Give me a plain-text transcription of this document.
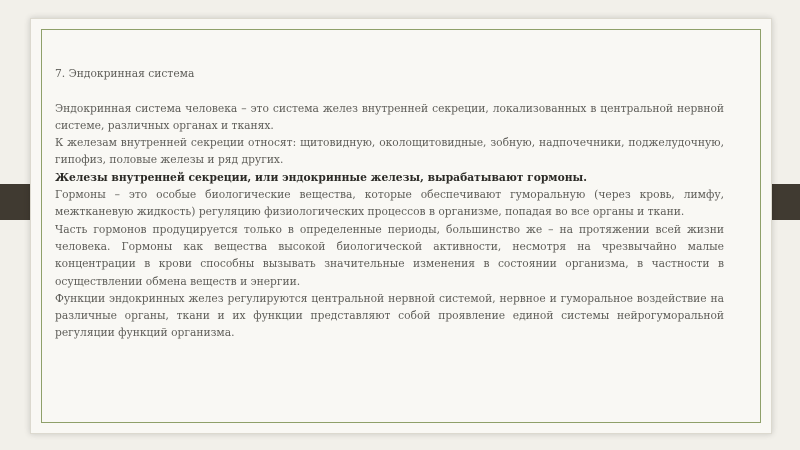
7. Эндокринная система

Эндокринная система человека – это система желез внутренней секреции, локализованных в центральной нервной системе, различных органах и тканях.

К железам внутренней секреции относят: щитовидную, околощитовидные, зобную, надпочечники, поджелудочную, гипофиз, половые железы и ряд других.

Железы внутренней секреции, или эндокринные железы, вырабатывают гормоны.

Гормоны – это особые биологические вещества, которые обеспечивают гуморальную (через кровь, лимфу, межтканевую жидкость) регуляцию физиологических процессов в организме, попадая во все органы и ткани.

Часть гормонов продуцируется только в определенные периоды, большинство же – на протяжении всей жизни человека. Гормоны как вещества высокой биологической активности, несмотря на чрезвычайно малые концентрации в крови способны вызывать значительные изменения в состоянии организма, в частности в осуществлении обмена веществ и энергии.

Функции эндокринных желез регулируются центральной нервной системой, нервное и гуморальное воздействие на различные органы, ткани и их функции представляют собой проявление единой системы нейрогуморальной регуляции функций организма.
